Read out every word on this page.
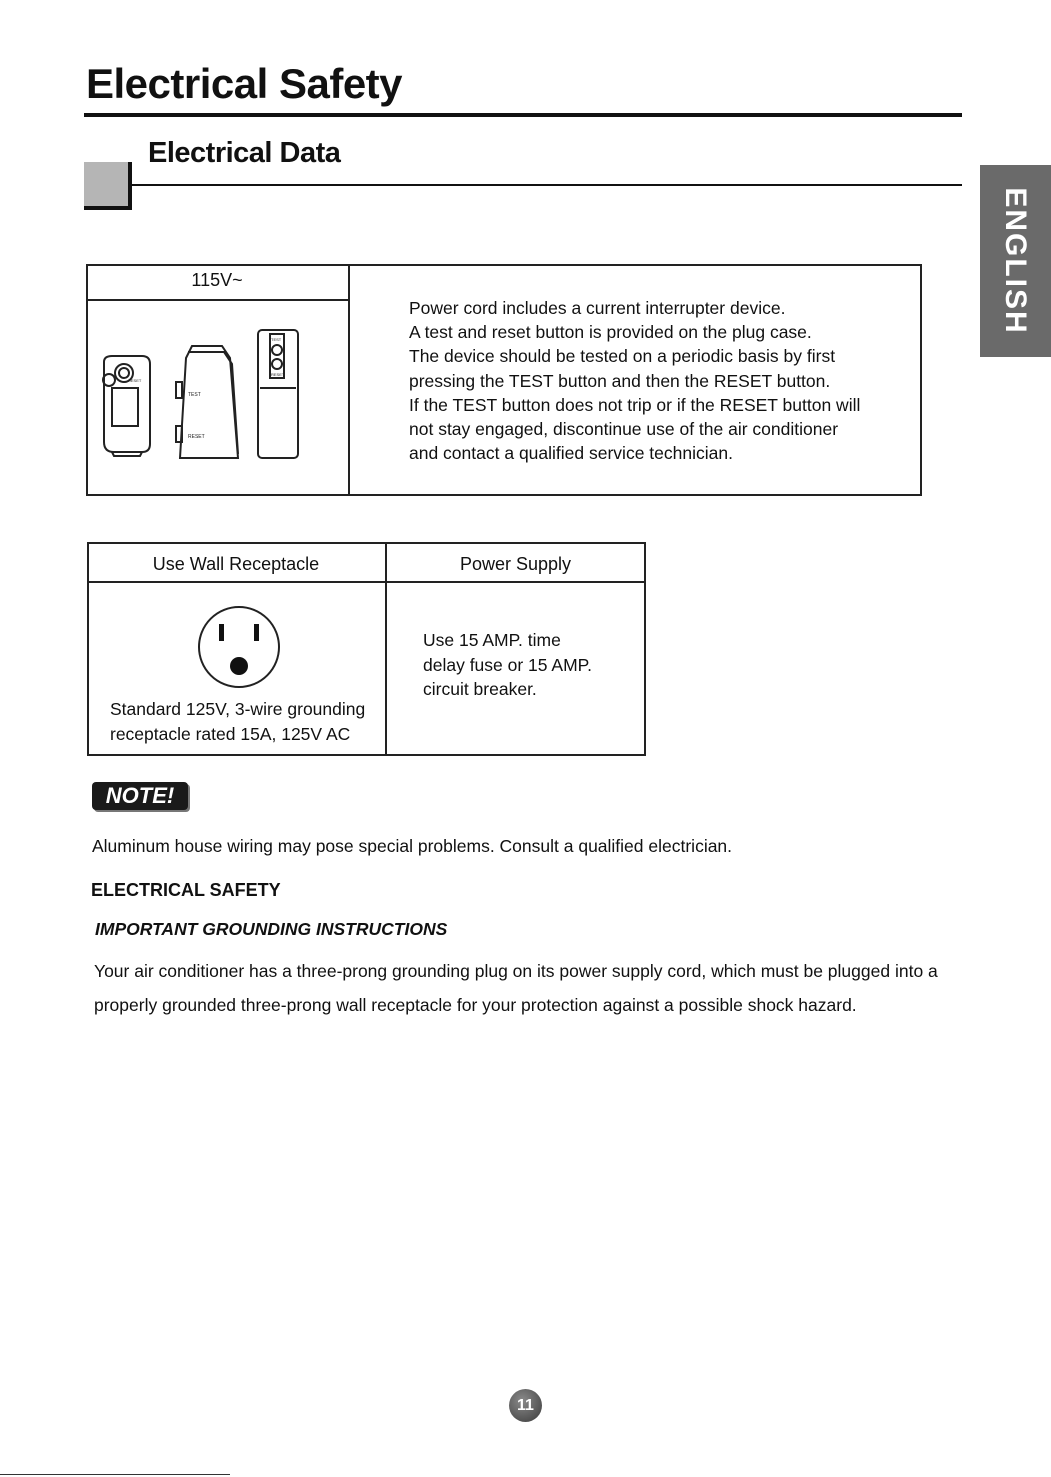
Electrical Safety
Electrical Data
ENGLISH
115V~
RESET
TEST
RESET
TEST
RESET
Power cord includes a current interrupter device.
A test and reset button is provided on the plug case.
The device should be tested on a periodic basis by first
pressing the TEST button and then the RESET button.
If the TEST button does not trip or if the RESET button will
not stay engaged, discontinue use of the air conditioner
and contact a qualified service technician.
Use Wall Receptacle	Power Supply
Standard 125V, 3-wire grounding
receptacle rated 15A, 125V AC
Use 15 AMP. time
delay fuse or 15 AMP.
circuit breaker.
NOTE!
Aluminum house wiring may pose special problems. Consult a qualified electrician.
ELECTRICAL SAFETY
IMPORTANT GROUNDING INSTRUCTIONS
Your air conditioner has a three-prong grounding plug on its power supply cord, which must be plugged into a
properly grounded three-prong wall receptacle for your protection against a possible shock hazard.
11
